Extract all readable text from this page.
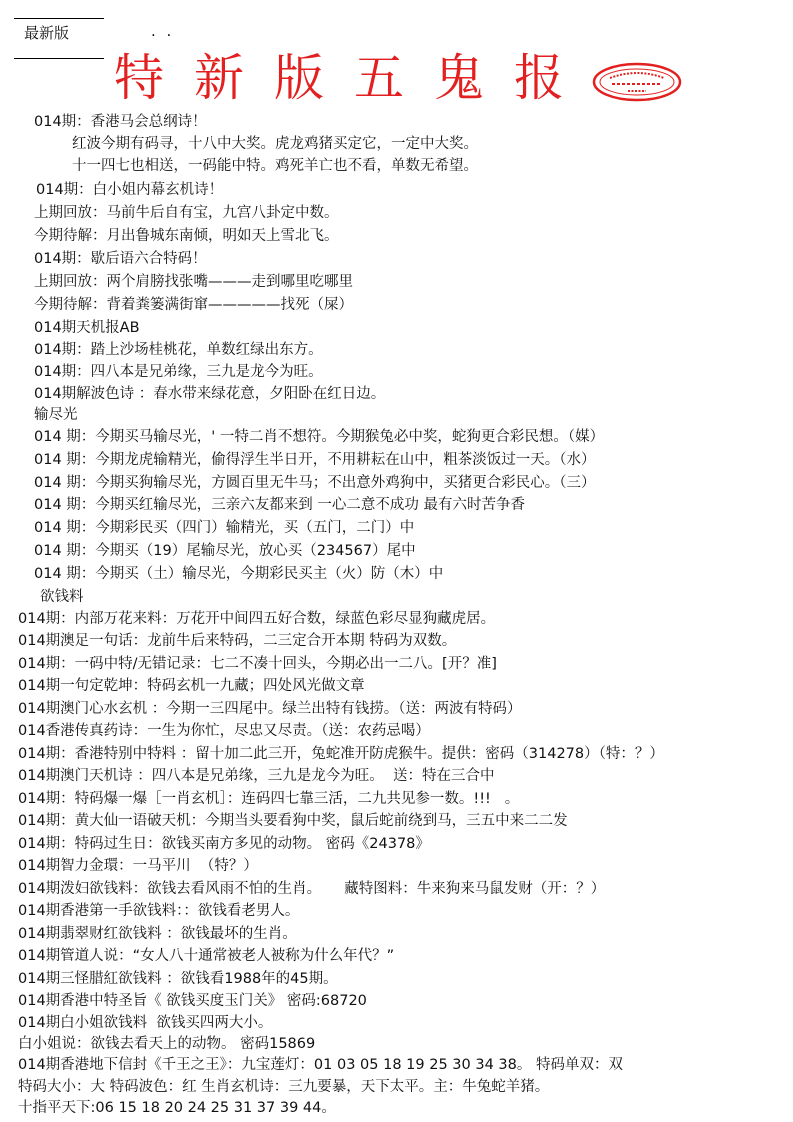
最新版	. .
特新版五鬼报
014期：香港马会总纲诗！
红波今期有码寻，十八中大奖。虎龙鸡猪买定它，一定中大奖。
十一四七也相送，一码能中特。鸡死羊亡也不看，单数无希望。
014期：白小姐内幕玄机诗！
上期回放：马前牛后自有宝，九宫八卦定中数。
今期待解：月出鲁城东南倾，明如天上雪北飞。
014期：歇后语六合特码！
上期回放：两个肩膀找张嘴———走到哪里吃哪里
今期待解：背着粪篓满街窜—————找死（屎）
014期天机报AB
014期：踏上沙场桂桃花，单数红绿出东方。
014期：四八本是兄弟缘，三九是龙今为旺。
014期解波色诗 ：春水带来绿花意，夕阳卧在红日边。
输尽光
014 期：今期买马输尽光，' 一特二肖不想符。今期猴兔必中奖，蛇狗更合彩民想。（媒）
014 期：今期龙虎输精光，偷得浮生半日开，不用耕耘在山中，粗茶淡饭过一天。（水）
014 期：今期买狗输尽光，方圆百里无牛马；不出意外鸡狗中，买猪更合彩民心。（三）
014 期：今期买红输尽光，三亲六友都来到 一心二意不成功 最有六时苦争香
014 期：今期彩民买（四门）输精光，买（五门，二门）中
014 期：今期买（19）尾输尽光，放心买（234567）尾中
014 期：今期买（土）输尽光，今期彩民买主（火）防（木）中
欲钱料
014期：内部万花来料：万花开中间四五好合数，绿蓝色彩尽显狗藏虎居。
014期澳足一句话：龙前牛后来特码，二三定合开本期 特码为双数。
014期：一码中特/无错记录：七二不凑十回头，今期必出一二八。[开？准]
014期一句定乾坤：特码玄机一九藏；四处风光做文章
014期澳门心水玄机 ：今期一三四尾中。绿兰出特有钱捞。（送：两波有特码）
014香港传真药诗：一生为你忙，尽忠又尽责。（送：农药忌喝）
014期：香港特别中特料 ：留十加二此三开，兔蛇准开防虎猴牛。提供：密码（314278）（特：？）
014期澳门天机诗 ：四八本是兄弟缘，三九是龙今为旺。  送：特在三合中
014期：特码爆一爆［一肖玄机］：连码四七靠三活，二九共见参一数。!!!   。
014期：黄大仙一语破天机：今期当头要看狗中奖，鼠后蛇前绕到马，三五中来二二发
014期：特码过生日：欲钱买南方多见的动物。 密码《24378》
014期智力金環：一马平川  （特？）
014期泼妇欲钱料：欲钱去看风雨不怕的生肖。     藏特图料：牛来狗来马鼠发财（开：？）
014期香港第一手欲钱料：：欲钱看老男人。
014期翡翠财红欲钱料 ：欲钱最坏的生肖。
014期管道人说：“女人八十通常被老人被称为什么年代？”
014期三怪腊紅欲钱料 ：欲钱看1988年的45期。
014期香港中特圣旨《 欲钱买度玉门关》 密码:68720
014期白小姐欲钱料  欲钱买四两大小。
白小姐说：欲钱去看天上的动物。 密码15869
014期香港地下信封《千王之王》：九宝莲灯：01 03 05 18 19 25 30 34 38。 特码单双：双
特码大小：大 特码波色：红 生肖玄机诗：三九要暴，天下太平。主：牛兔蛇羊猪。
十指平天下:06 15 18 20 24 25 31 37 39 44。
